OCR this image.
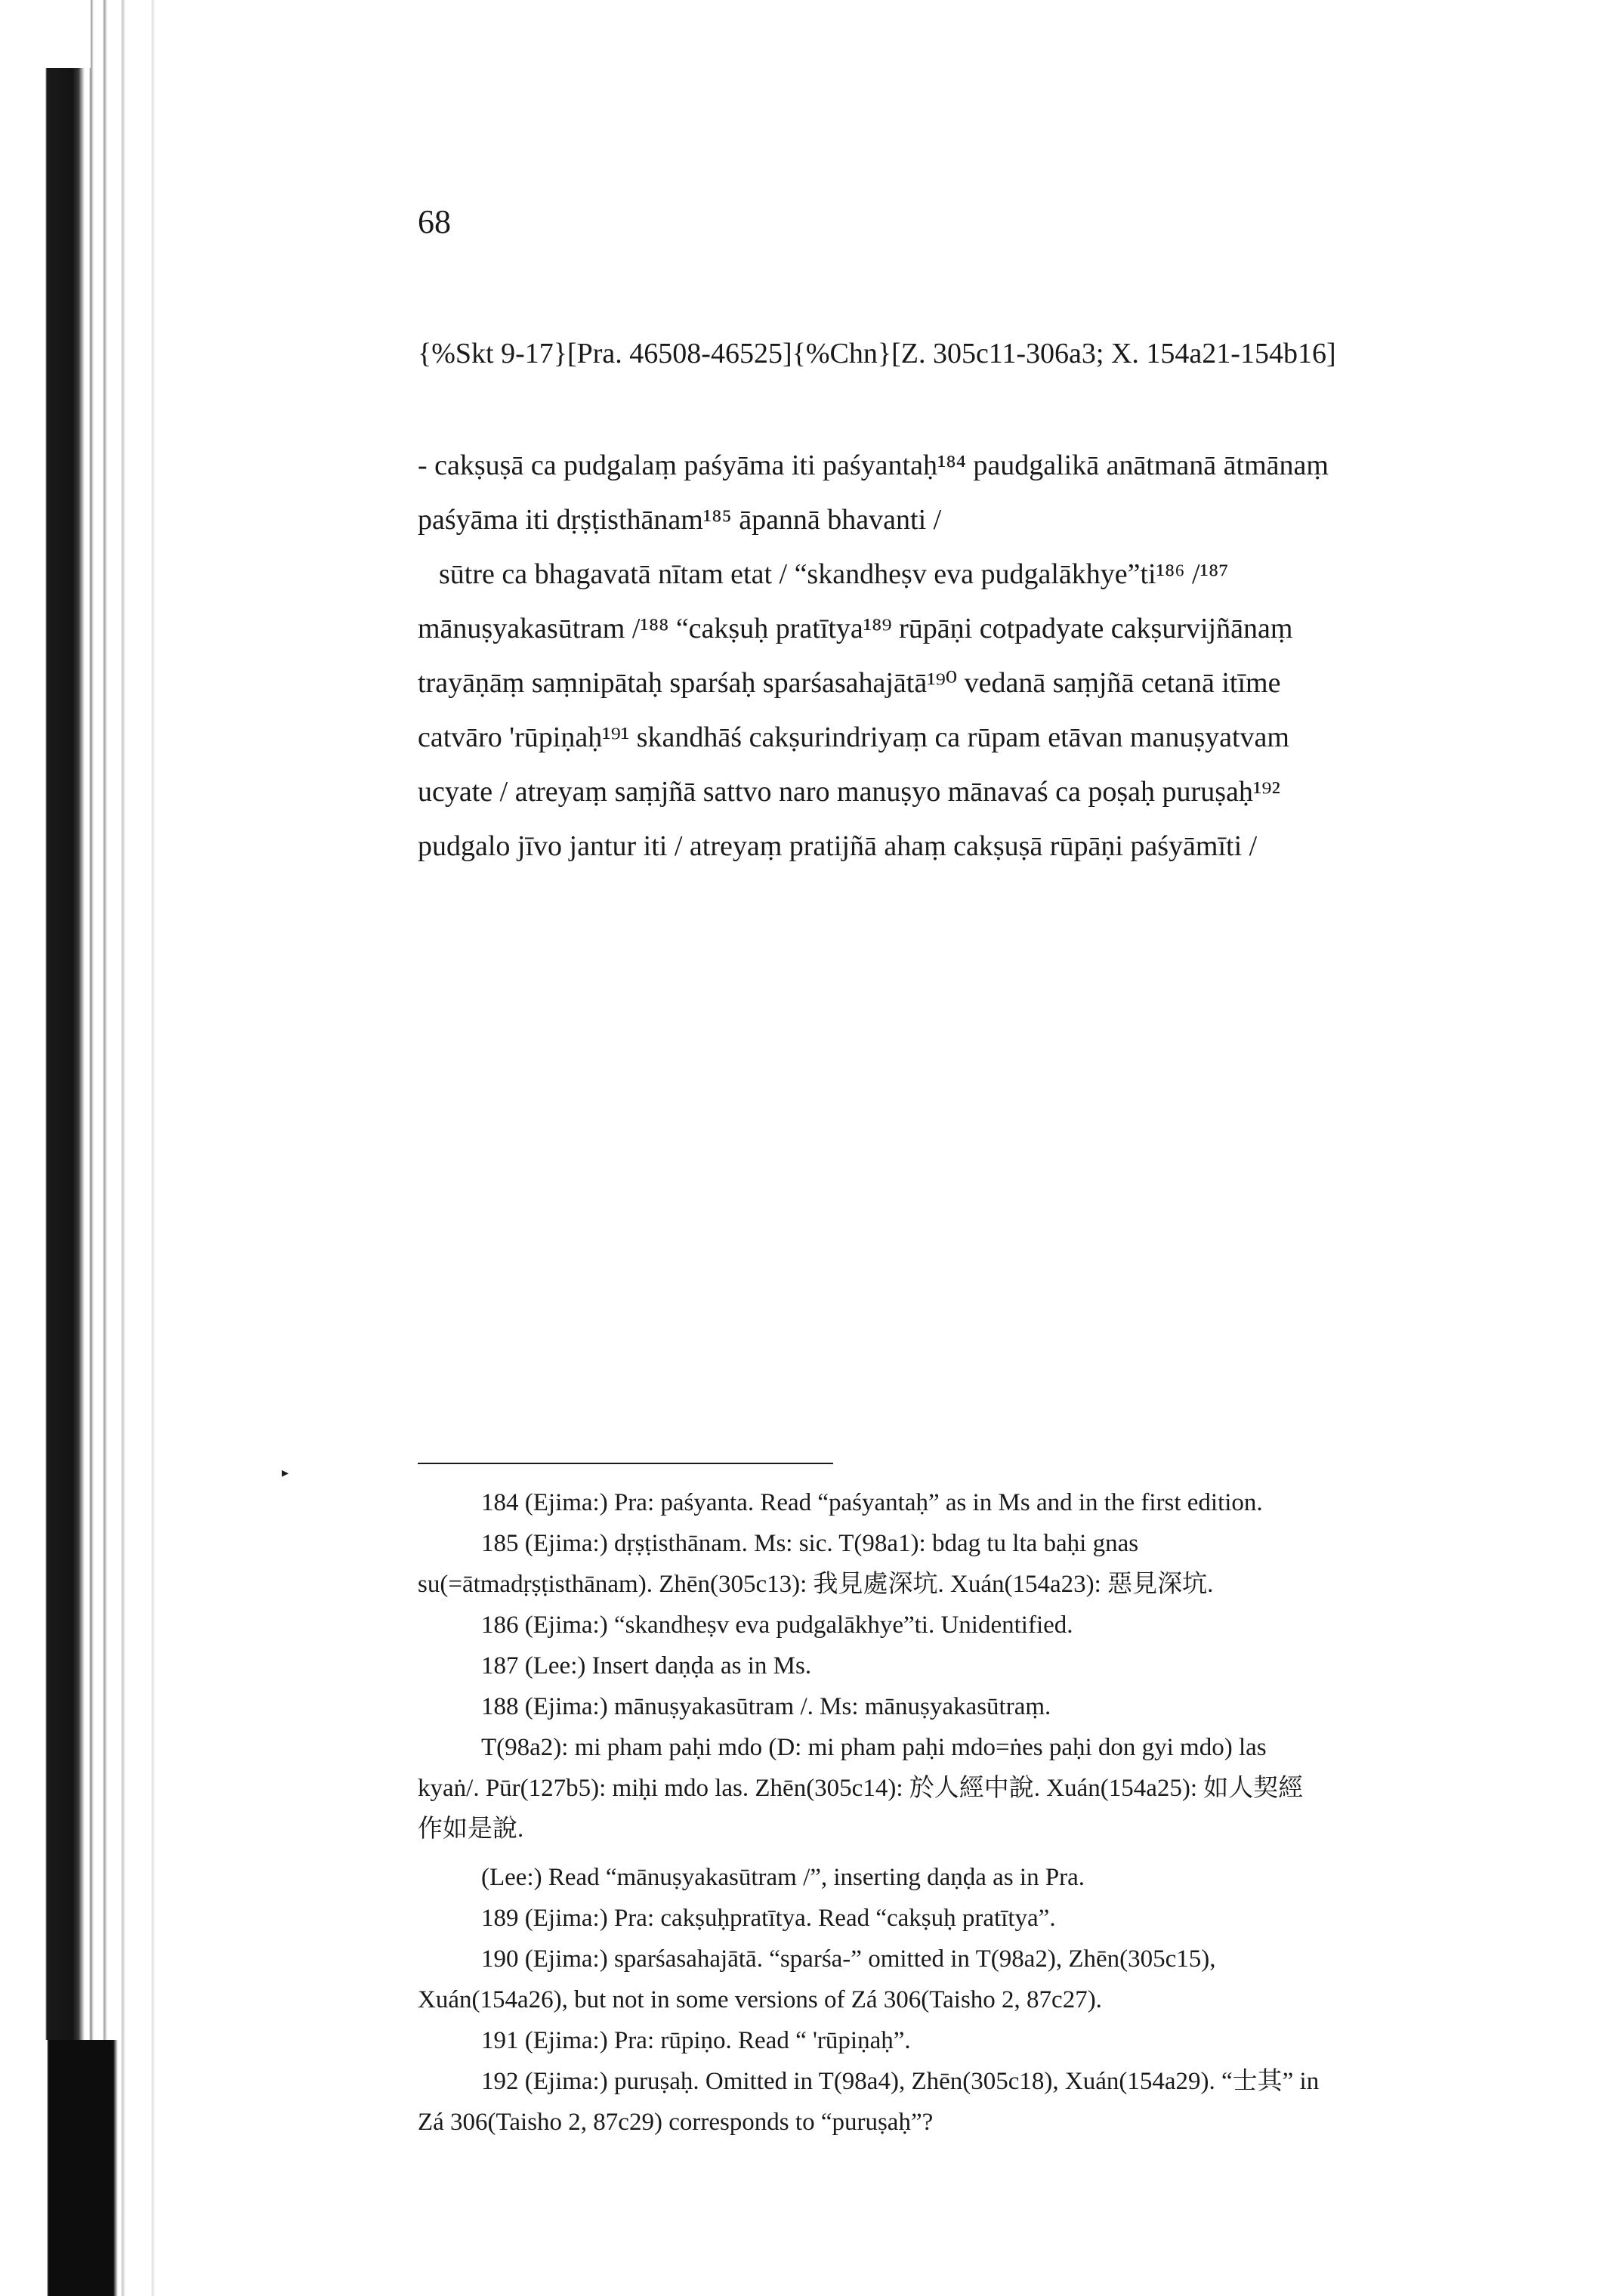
68
{%Skt 9-17}[Pra. 46508-46525]{%Chn}[Z. 305c11-306a3; X. 154a21-154b16]
- cakṣuṣā ca pudgalaṃ paśyāma iti paśyantaḥ¹⁸⁴ paudgalikā anātmanā ātmānaṃ
paśyāma iti dṛṣṭisthānam¹⁸⁵ āpannā bhavanti /
sūtre ca bhagavatā nītam etat / “skandheṣv eva pudgalākhye”ti¹⁸⁶ /¹⁸⁷
mānuṣyakasūtram /¹⁸⁸ “cakṣuḥ pratītya¹⁸⁹ rūpāṇi cotpadyate cakṣurvijñānaṃ
trayāṇāṃ saṃnipātaḥ sparśaḥ sparśasahajātā¹⁹⁰ vedanā saṃjñā cetanā itīme
catvāro 'rūpiṇaḥ¹⁹¹ skandhāś cakṣurindriyaṃ ca rūpam etāvan manuṣyatvam
ucyate / atreyaṃ saṃjñā sattvo naro manuṣyo mānavaś ca poṣaḥ puruṣaḥ¹⁹²
pudgalo jīvo jantur iti / atreyaṃ pratijñā ahaṃ cakṣuṣā rūpāṇi paśyāmīti /
▸
184 (Ejima:) Pra: paśyanta. Read “paśyantaḥ” as in Ms and in the first edition.
185 (Ejima:) dṛṣṭisthānam. Ms: sic. T(98a1): bdag tu lta baḥi gnas
su(=ātmadṛṣṭisthānam). Zhēn(305c13): 我見處深坑. Xuán(154a23): 惡見深坑.
186 (Ejima:) “skandheṣv eva pudgalākhye”ti. Unidentified.
187 (Lee:) Insert daṇḍa as in Ms.
188 (Ejima:) mānuṣyakasūtram /. Ms: mānuṣyakasūtraṃ.
T(98a2): mi pham paḥi mdo (D: mi pham paḥi mdo=ṅes paḥi don gyi mdo) las
kyaṅ/. Pūr(127b5): miḥi mdo las. Zhēn(305c14): 於人經中說. Xuán(154a25): 如人契經
作如是說.
(Lee:) Read “mānuṣyakasūtram /”, inserting daṇḍa as in Pra.
189 (Ejima:) Pra: cakṣuḥpratītya. Read “cakṣuḥ pratītya”.
190 (Ejima:) sparśasahajātā. “sparśa-” omitted in T(98a2), Zhēn(305c15),
Xuán(154a26), but not in some versions of Zá 306(Taisho 2, 87c27).
191 (Ejima:) Pra: rūpiṇo. Read “ 'rūpiṇaḥ”.
192 (Ejima:) puruṣaḥ. Omitted in T(98a4), Zhēn(305c18), Xuán(154a29). “士其” in
Zá 306(Taisho 2, 87c29) corresponds to “puruṣaḥ”?
